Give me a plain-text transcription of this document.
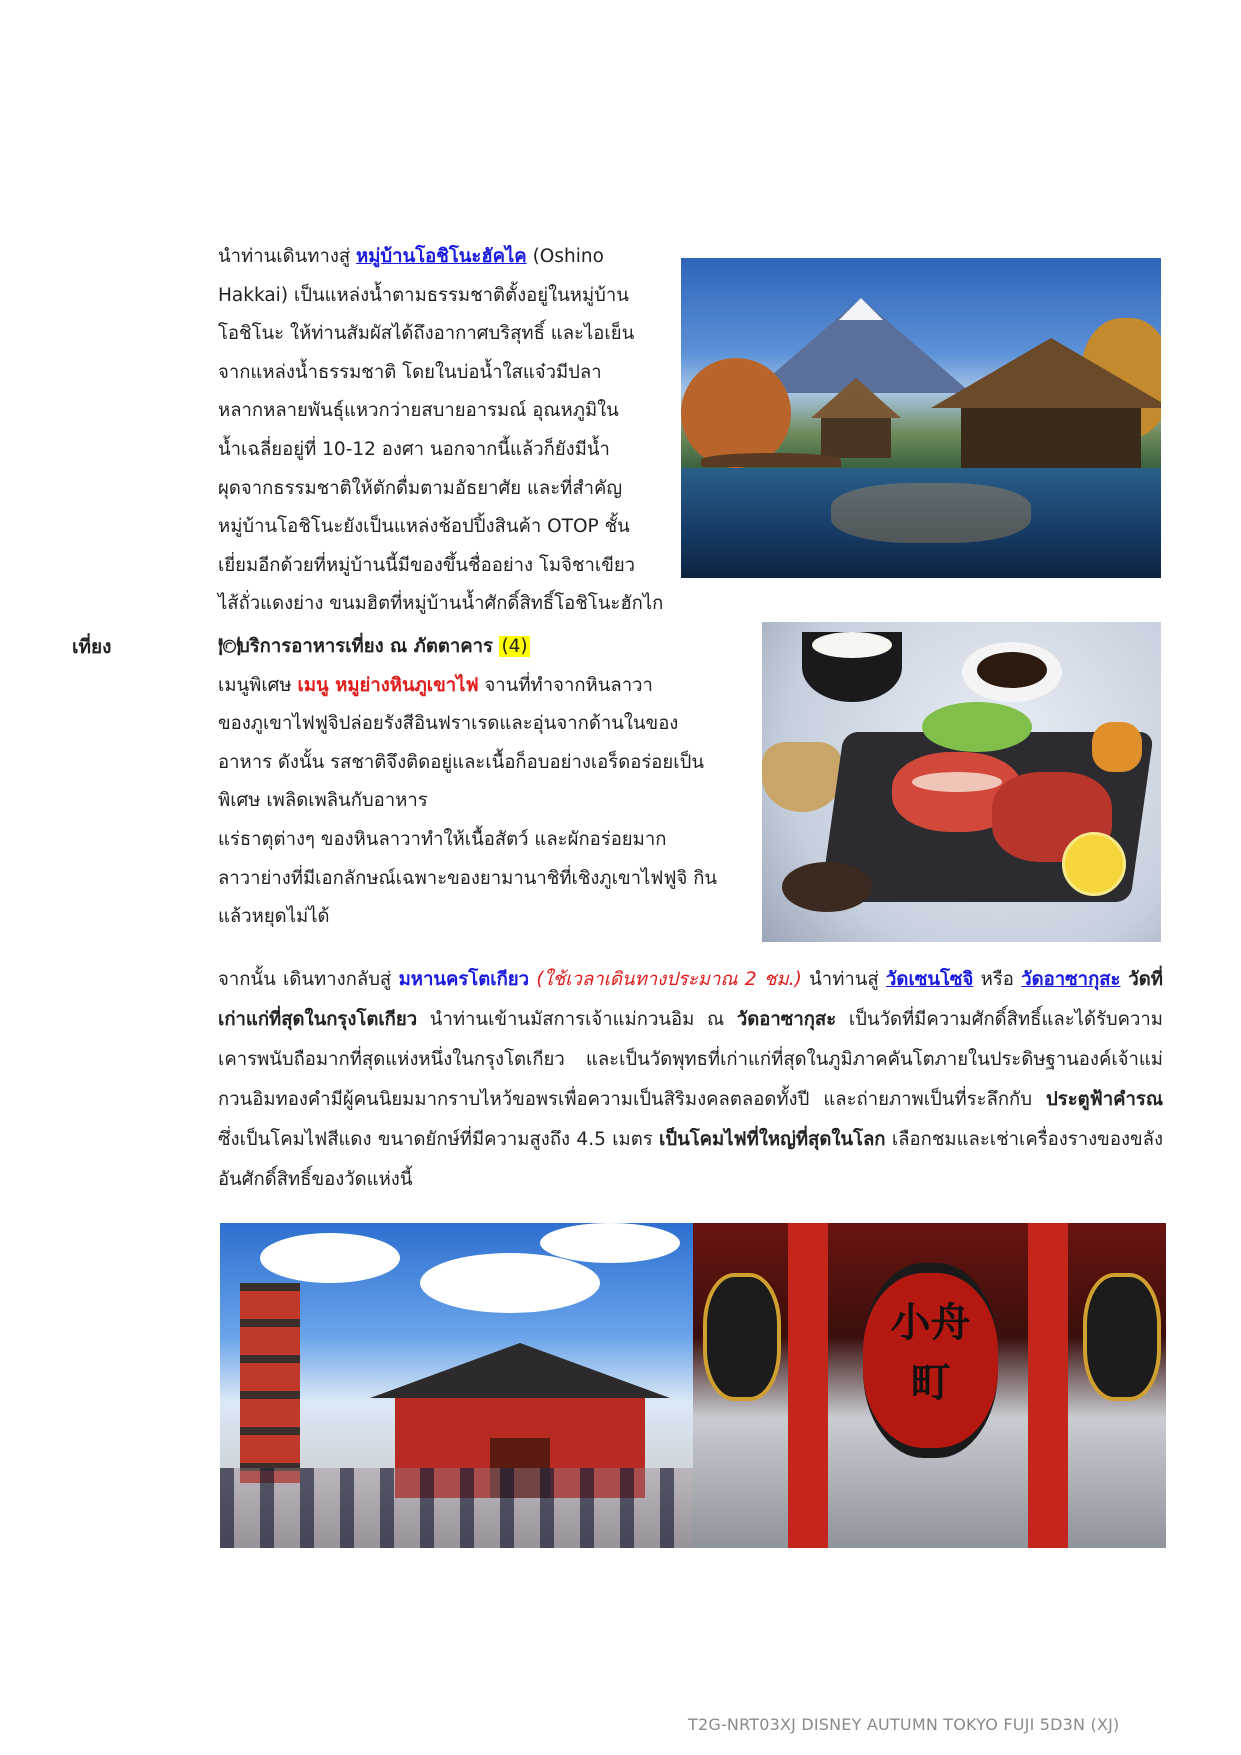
นำท่านเดินทางสู่ หมู่บ้านโอชิโนะฮัคไค (Oshino

Hakkai) เป็นแหล่งน้ำตามธรรมชาติตั้งอยู่ในหมู่บ้าน

โอชิโนะ ให้ท่านสัมผัสได้ถึงอากาศบริสุทธิ์ และไอเย็น

จากแหล่งน้ำธรรมชาติ โดยในบ่อน้ำใสแจ๋วมีปลา

หลากหลายพันธุ์แหวกว่ายสบายอารมณ์ อุณหภูมิใน

น้ำเฉลี่ยอยู่ที่ 10-12 องศา นอกจากนี้แล้วก็ยังมีน้ำ

ผุดจากธรรมชาติให้ตักดื่มตามอัธยาศัย และที่สำคัญ

หมู่บ้านโอชิโนะยังเป็นแหล่งช้อปปิ้งสินค้า OTOP ชั้น

เยี่ยมอีกด้วยที่หมู่บ้านนี้มีของขึ้นชื่ออย่าง โมจิชาเขียว

ไส้ถั่วแดงย่าง ขนมฮิตที่หมู่บ้านน้ำศักดิ์สิทธิ์โอชิโนะฮักไก

เที่ยง	🍽บริการอาหารเที่ยง ณ ภัตตาคาร (4)

เมนูพิเศษ เมนู หมูย่างหินภูเขาไฟ จานที่ทำจากหินลาวา

ของภูเขาไฟฟูจิปล่อยรังสีอินฟราเรดและอุ่นจากด้านในของ

อาหาร ดังนั้น รสชาติจึงติดอยู่และเนื้อก็อบอย่างเอร็ดอร่อยเป็น

พิเศษ เพลิดเพลินกับอาหาร

แร่ธาตุต่างๆ ของหินลาวาทำให้เนื้อสัตว์ และผักอร่อยมาก

ลาวาย่างที่มีเอกลักษณ์เฉพาะของยามานาชิที่เชิงภูเขาไฟฟูจิ กิน

แล้วหยุดไม่ได้

จากนั้น เดินทางกลับสู่ มหานครโตเกียว (ใช้เวลาเดินทางประมาณ 2 ชม.) นำท่านสู่ วัดเซนโซจิ หรือ วัดอาซากุสะ วัดที่เก่าแก่ที่สุดในกรุงโตเกียว นำท่านเข้านมัสการเจ้าแม่กวนอิม ณ วัดอาซากุสะ เป็นวัดที่มีความศักดิ์สิทธิ์และได้รับความเคารพนับถือมากที่สุดแห่งหนึ่งในกรุงโตเกียว และเป็นวัดพุทธที่เก่าแก่ที่สุดในภูมิภาคคันโตภายในประดิษฐานองค์เจ้าแม่กวนอิมทองคำมีผู้คนนิยมมากราบไหว้ขอพรเพื่อความเป็นสิริมงคลตลอดทั้งปี และถ่ายภาพเป็นที่ระลึกกับ ประตูฟ้าคำรณซึ่งเป็นโคมไฟสีแดง ขนาดยักษ์ที่มีความสูงถึง 4.5 เมตร เป็นโคมไฟที่ใหญ่ที่สุดในโลก เลือกชมและเช่าเครื่องรางของขลังอันศักดิ์สิทธิ์ของวัดแห่งนี้

小舟町
T2G-NRT03XJ DISNEY AUTUMN TOKYO FUJI 5D3N (XJ)
